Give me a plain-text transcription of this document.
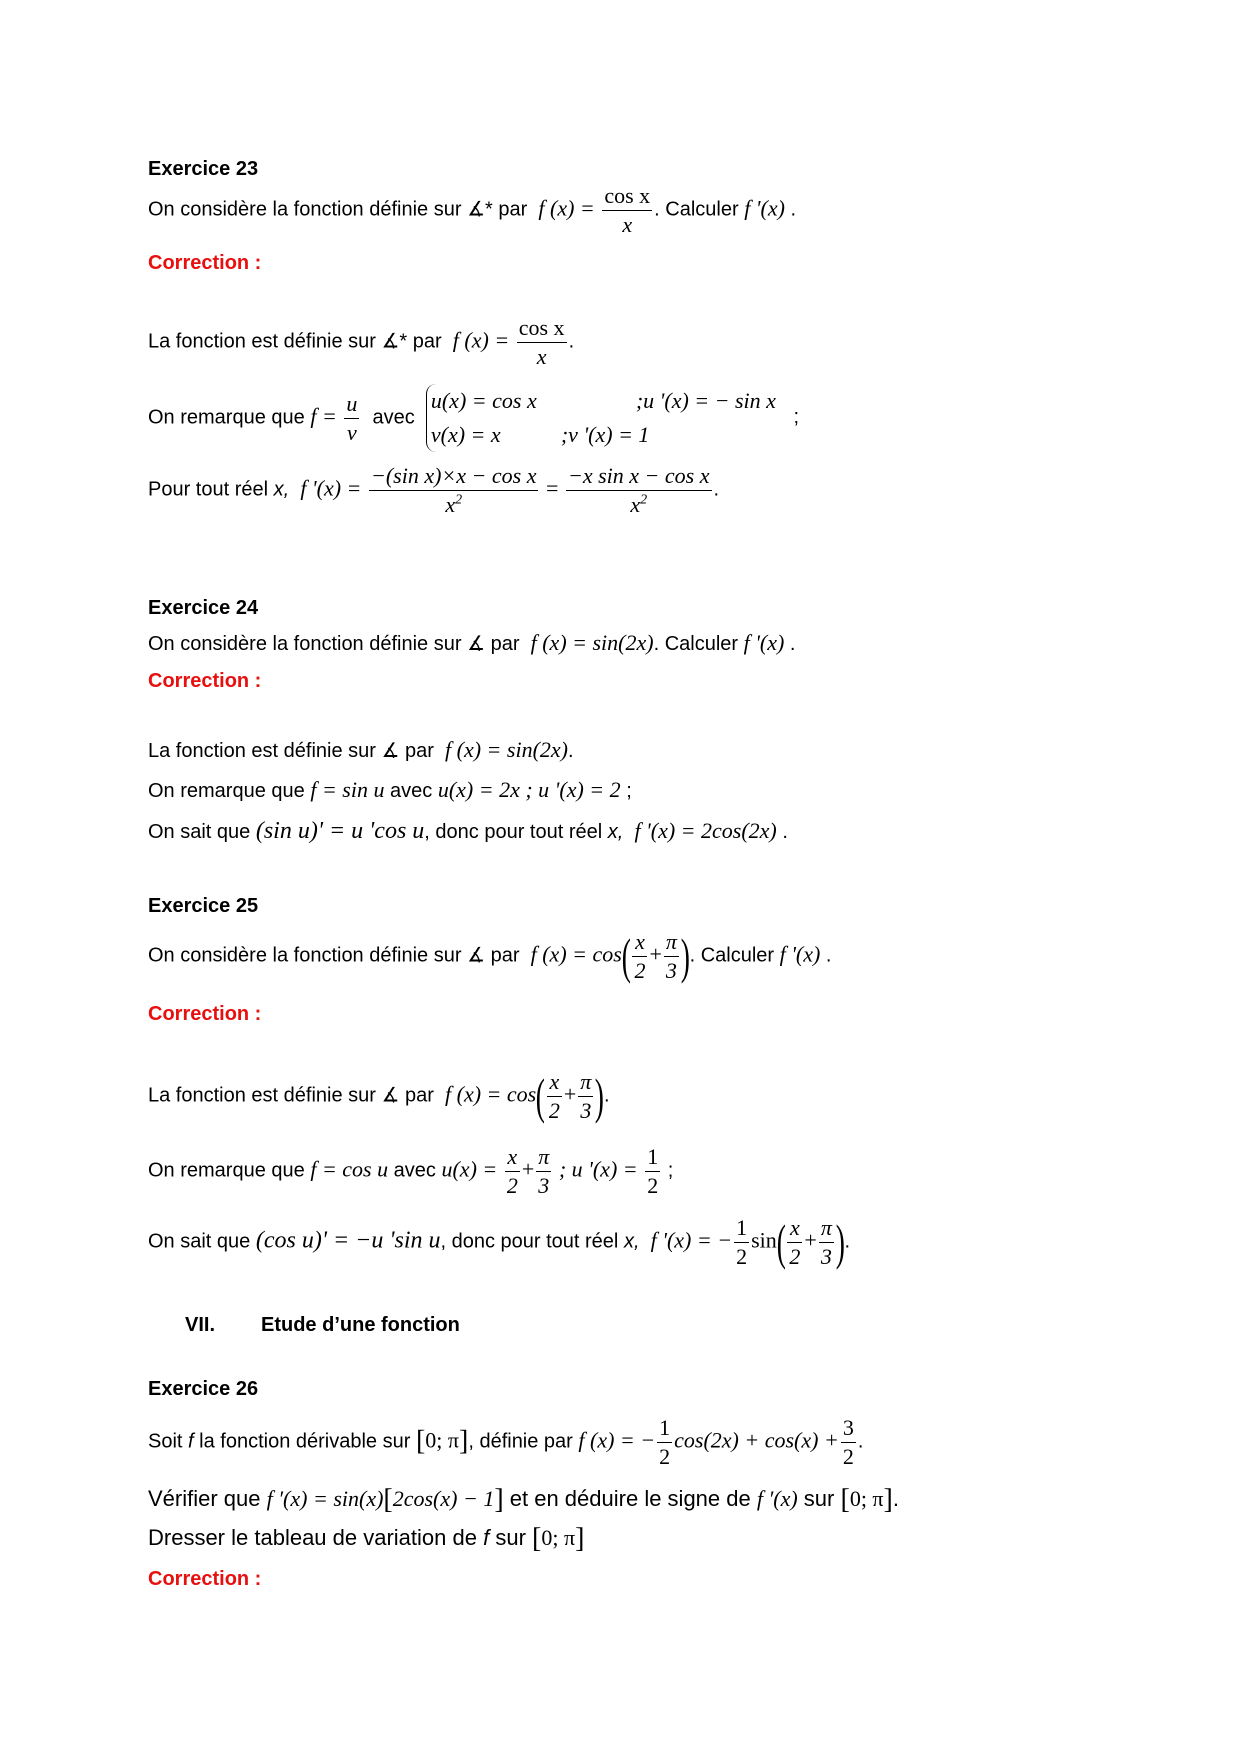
Exercice 23
On considère la fonction définie sur ∡* par f $(x) = \frac{\text{cos x}}{x}$ . Calculer f '(x) .
Correction :
La fonction est définie sur ∡* par f $(x) = \frac{\text{cos x}}{x}$ .
On remarque que $f = \frac{u}{v}$ avec
u(x) = cos x	;u '(x) = − sin x
v(x) = x	;v '(x) = 1
;
Pour tout réel x, f '$(x) = \frac{\text{−(sin x)×x − cos x}}{x^2} = \frac{\text{−x sin x − cos x}}{x^2}$ .
Exercice 24
On considère la fonction définie sur ∡ par f (x) = sin(2x). Calculer f '(x) .
Correction :
La fonction est définie sur ∡ par f (x) = sin(2x).
On remarque que f = sin u avec u(x) = 2x ; u '(x) = 2 ;
On sait que (sin u)' = u 'cos u, donc pour tout réel x, f '(x) = 2cos(2x) .
Exercice 25
On considère la fonction définie sur ∡ par f $(x) = \cos( \frac{x}{2} + \frac{\pi}{3}$ ). Calculer f '(x) .
Correction :
La fonction est définie sur ∡ par f $(x) = \cos( \frac{x}{2} + \frac{\pi}{3}$ ).
On remarque que f = cos u avec $u(x) = \frac{x}{2} + \frac{\pi}{3}$ ; u '$(x) = \frac{1}{2}$ ;
On sait que (cos u)' = −u 'sin u, donc pour tout réel x, f '(x) = − $\frac{1}{2} \sin( \frac{x}{2} + \frac{\pi}{3}$ ).
VII. Etude d’une fonction
Exercice 26
Soit f la fonction dérivable sur [0; π], définie par f (x) = − $\frac{1}{2} \cos(2x) + \cos(x) + \frac{3}{2}$ .
Vérifier que f ′(x) = sin(x)[2cos(x) − 1] et en déduire le signe de f ′(x) sur [0; π].
Dresser le tableau de variation de f sur [0; π]
Correction :
